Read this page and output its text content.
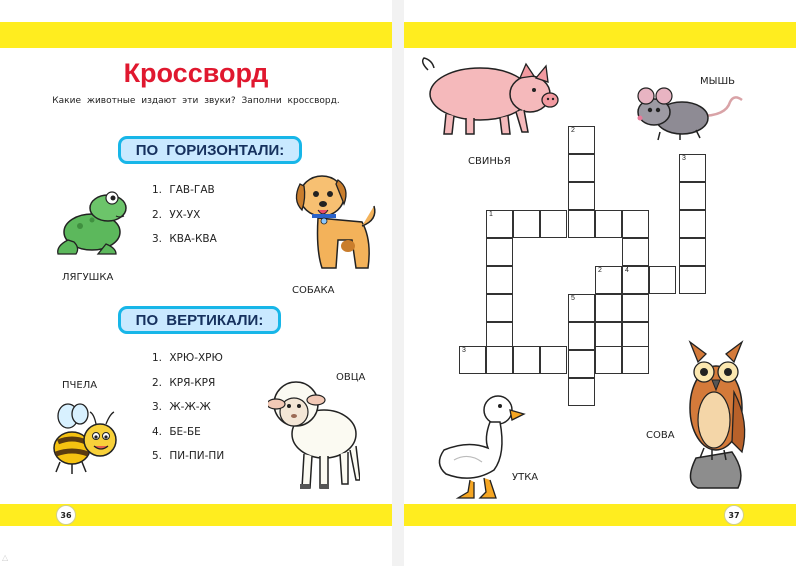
Кроссворд
Какие животные издают эти звуки? Заполни кроссворд.
ПО ГОРИЗОНТАЛИ:
1.
ГАВ-ГАВ
2.
УХ-УХ
3.
КВА-КВА
ЛЯГУШКА
СОБАКА
ПО ВЕРТИКАЛИ:
1.
ХРЮ-ХРЮ
2.
КРЯ-КРЯ
3.
Ж-Ж-Ж
4.
БЕ-БЕ
5.
ПИ-ПИ-ПИ
ПЧЕЛА
ОВЦА
36
СВИНЬЯ
МЫШЬ
2
3
1
2	4
5
3
УТКА
СОВА
37
△
